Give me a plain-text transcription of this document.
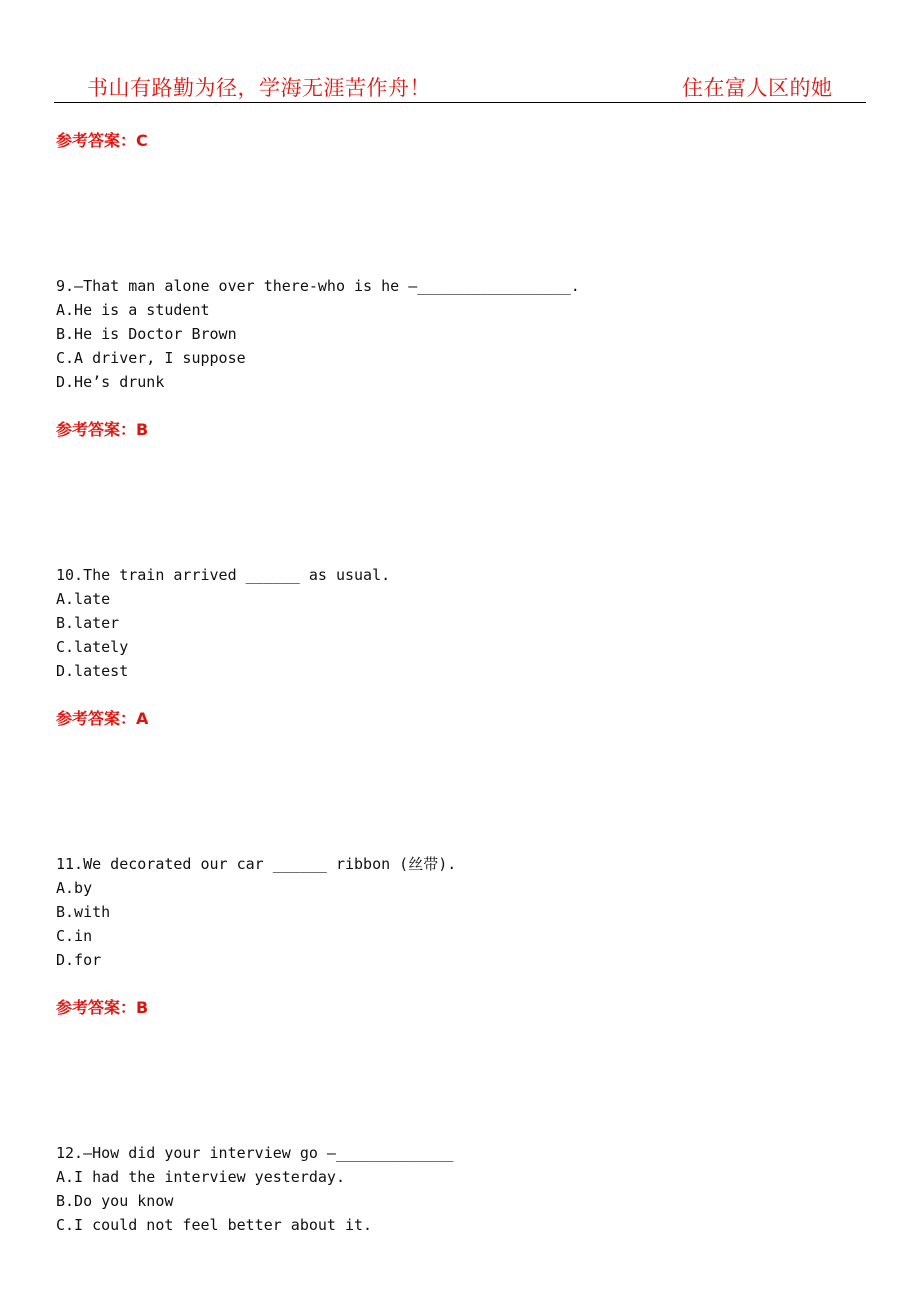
书山有路勤为径，学海无涯苦作舟！	住在富人区的她
参考答案：C
9.—That man alone over there-who is he —_________________.
A.He is a student
B.He is Doctor Brown
C.A driver, I suppose
D.He’s drunk
参考答案：B
10.The train arrived ______ as usual.
A.late
B.later
C.lately
D.latest
参考答案：A
11.We decorated our car ______ ribbon (丝带).
A.by
B.with
C.in
D.for
参考答案：B
12.—How did your interview go —_____________
A.I had the interview yesterday.
B.Do you know
C.I could not feel better about it.
